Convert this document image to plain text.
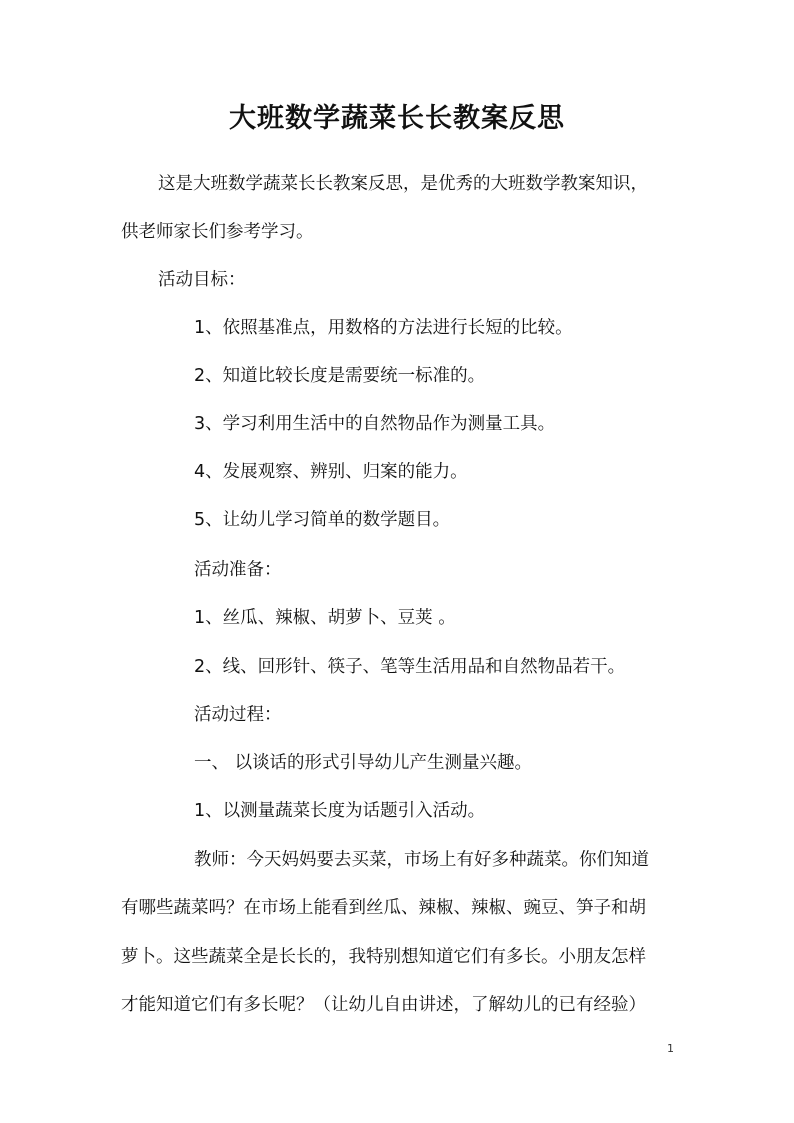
大班数学蔬菜长长教案反思
这是大班数学蔬菜长长教案反思，是优秀的大班数学教案知识，
供老师家长们参考学习。
活动目标：
1、依照基准点，用数格的方法进行长短的比较。
2、知道比较长度是需要统一标准的。
3、学习利用生活中的自然物品作为测量工具。
4、发展观察、辨别、归案的能力。
5、让幼儿学习简单的数学题目。
活动准备：
1、丝瓜、辣椒、胡萝卜、豆荚 。
2、线、回形针、筷子、笔等生活用品和自然物品若干。
活动过程：
一、 以谈话的形式引导幼儿产生测量兴趣。
1、以测量蔬菜长度为话题引入活动。
教师：今天妈妈要去买菜，市场上有好多种蔬菜。你们知道
有哪些蔬菜吗？在市场上能看到丝瓜、辣椒、辣椒、豌豆、笋子和胡
萝卜。这些蔬菜全是长长的，我特别想知道它们有多长。小朋友怎样
才能知道它们有多长呢？（让幼儿自由讲述，了解幼儿的已有经验）
1
